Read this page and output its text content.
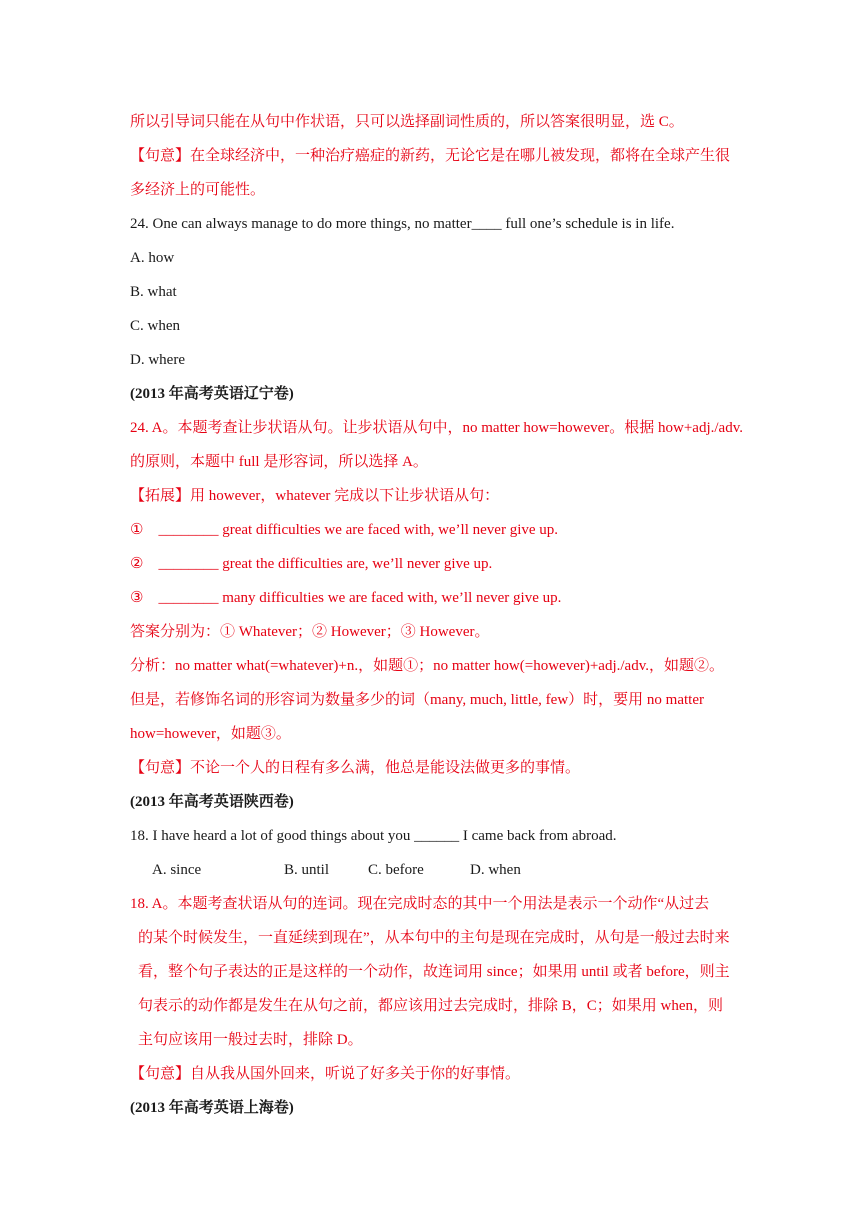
所以引导词只能在从句中作状语，只可以选择副词性质的，所以答案很明显，选 C。
【句意】在全球经济中，一种治疗癌症的新药，无论它是在哪儿被发现，都将在全球产生很
多经济上的可能性。
24. One can always manage to do more things, no matter____ full one’s schedule is in life.
A. how
B. what
C. when
D. where
(2013 年高考英语辽宁卷)
24. A。本题考查让步状语从句。让步状语从句中，no matter how=however。根据 how+adj./adv.
的原则，本题中 full 是形容词，所以选择 A。
【拓展】用 however，whatever 完成以下让步状语从句：
①　________ great difficulties we are faced with, we’ll never give up.
②　________ great the difficulties are, we’ll never give up.
③　________ many difficulties we are faced with, we’ll never give up.
答案分别为：① Whatever；② However；③ However。
分析：no matter what(=whatever)+n.，如题①；no matter how(=however)+adj./adv.，如题②。
但是，若修饰名词的形容词为数量多少的词（many, much, little, few）时，要用 no matter
how=however，如题③。
【句意】不论一个人的日程有多么满，他总是能设法做更多的事情。
(2013 年高考英语陕西卷)
18. I have heard a lot of good things about you ______ I came back from abroad.
A. since	B. until	C. before	D. when
18. A。本题考查状语从句的连词。现在完成时态的其中一个用法是表示一个动作“从过去
的某个时候发生，一直延续到现在”，从本句中的主句是现在完成时，从句是一般过去时来
看，整个句子表达的正是这样的一个动作，故连词用 since；如果用 until 或者 before，则主
句表示的动作都是发生在从句之前，都应该用过去完成时，排除 B，C；如果用 when，则
主句应该用一般过去时，排除 D。
【句意】自从我从国外回来，听说了好多关于你的好事情。
(2013 年高考英语上海卷)
